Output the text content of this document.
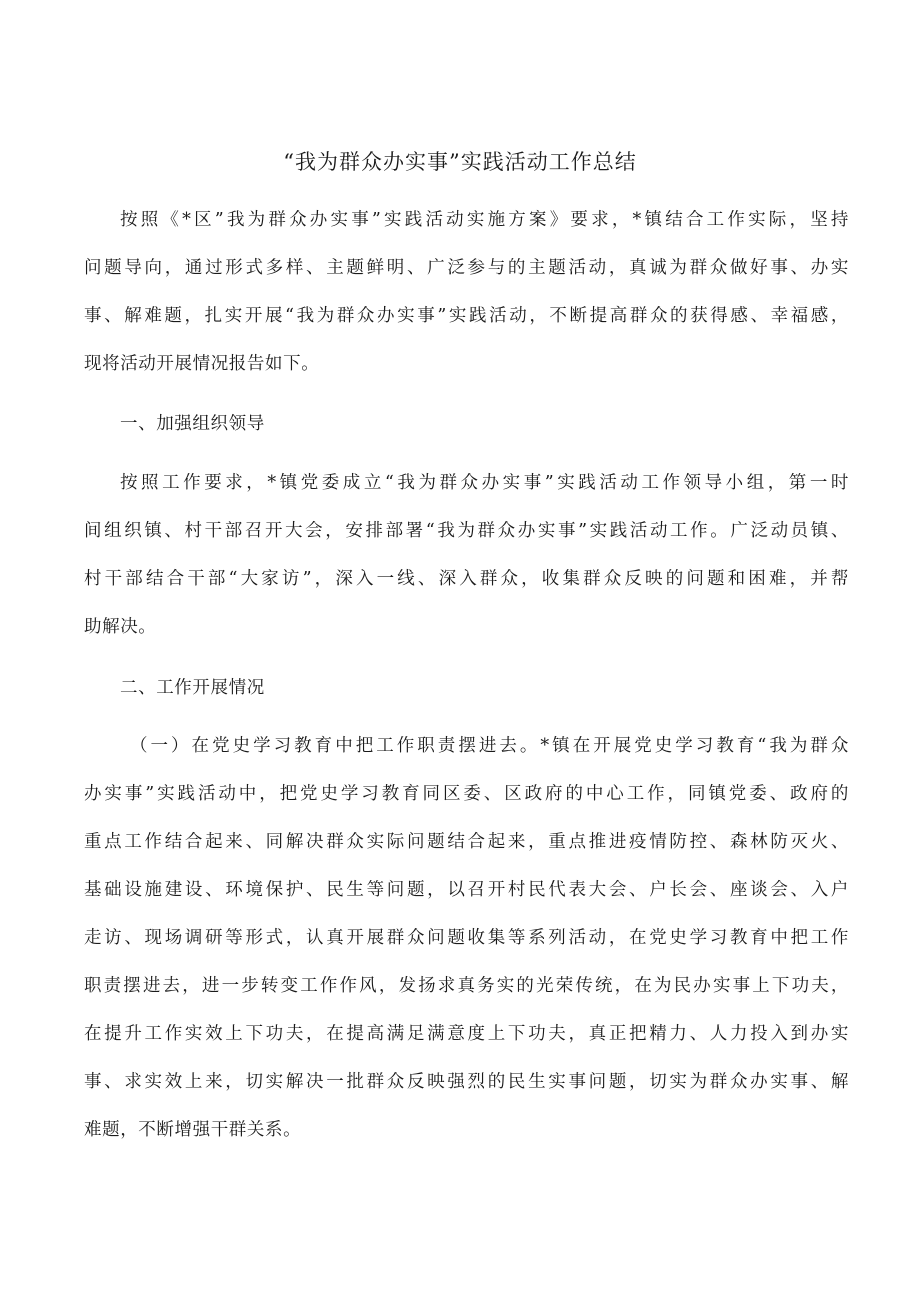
“我为群众办实事”实践活动工作总结
按照《*区”我为群众办实事”实践活动实施方案》要求，*镇结合工作实际，坚持
问题导向，通过形式多样、主题鲜明、广泛参与的主题活动，真诚为群众做好事、办实
事、解难题，扎实开展“我为群众办实事”实践活动，不断提高群众的获得感、幸福感，
现将活动开展情况报告如下。
一、加强组织领导
按照工作要求，*镇党委成立“我为群众办实事”实践活动工作领导小组，第一时
间组织镇、村干部召开大会，安排部署“我为群众办实事”实践活动工作。广泛动员镇、
村干部结合干部“大家访”，深入一线、深入群众，收集群众反映的问题和困难，并帮
助解决。
二、工作开展情况
（一）在党史学习教育中把工作职责摆进去。*镇在开展党史学习教育“我为群众
办实事”实践活动中，把党史学习教育同区委、区政府的中心工作，同镇党委、政府的
重点工作结合起来、同解决群众实际问题结合起来，重点推进疫情防控、森林防灭火、
基础设施建设、环境保护、民生等问题，以召开村民代表大会、户长会、座谈会、入户
走访、现场调研等形式，认真开展群众问题收集等系列活动，在党史学习教育中把工作
职责摆进去，进一步转变工作作风，发扬求真务实的光荣传统，在为民办实事上下功夫，
在提升工作实效上下功夫，在提高满足满意度上下功夫，真正把精力、人力投入到办实
事、求实效上来，切实解决一批群众反映强烈的民生实事问题，切实为群众办实事、解
难题，不断增强干群关系。
